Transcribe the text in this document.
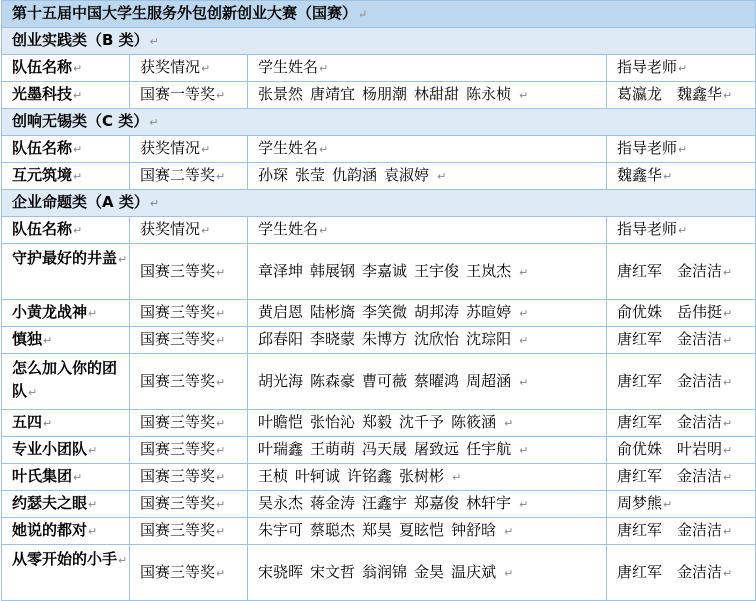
第十五届中国大学生服务外包创新创业大赛（国赛）↵			
创业实践类（B 类）↵			
队伍名称↵	获奖情况↵	学生姓名↵	指导老师↵
光墨科技↵	国赛一等奖↵	张景然 唐靖宜 杨朋潮 林甜甜 陈永桢 ↵	葛瀛龙　魏鑫华↵
创响无锡类（C 类）↵			
队伍名称↵	获奖情况↵	学生姓名↵	指导老师↵
互元筑境↵	国赛二等奖↵	孙琛 张莹 仇韵涵 袁淑婷 ↵	魏鑫华↵
企业命题类（A 类）↵			
队伍名称↵	获奖情况↵	学生姓名↵	指导老师↵
守护最好的井盖↵	国赛三等奖↵	章泽坤 韩展钢 李嘉诚 王宇俊 王岚杰 ↵	唐红军　金洁洁↵
小黄龙战神↵	国赛三等奖↵	黄启恩 陆彬旖 李笑微 胡邦涛 苏暄婷 ↵	俞优姝　岳伟挺↵
慎独↵	国赛三等奖↵	邱春阳 李晓蒙 朱博方 沈欣怡 沈琮阳 ↵	唐红军　金洁洁↵
怎么加入你的团队↵	国赛三等奖↵	胡光海 陈森豪 曹可薇 蔡曜鸿 周超涵 ↵	唐红军　金洁洁↵
五四↵	国赛三等奖↵	叶瞻恺 张怡沁 郑毅 沈千予 陈筱涵 ↵	唐红军　金洁洁↵
专业小团队↵	国赛三等奖↵	叶瑞鑫 王萌萌 冯天晟 屠致远 任宇航 ↵	俞优姝　叶岩明↵
叶氏集团↵	国赛三等奖↵	王桢 叶轲诚 许铭鑫 张树彬 ↵	唐红军　金洁洁↵
约瑟夫之眼↵	国赛三等奖↵	吴永杰 蒋金涛 汪鑫宇 郑嘉俊 林轩宇 ↵	周梦熊↵
她说的都对↵	国赛三等奖↵	朱宇可 蔡聪杰 郑昊 夏眩恺 钟舒晗 ↵	唐红军　金洁洁↵
从零开始的小手↵	国赛三等奖↵	宋骁晖 宋文哲 翁润锦 金昊 温庆斌 ↵	唐红军　金洁洁↵
